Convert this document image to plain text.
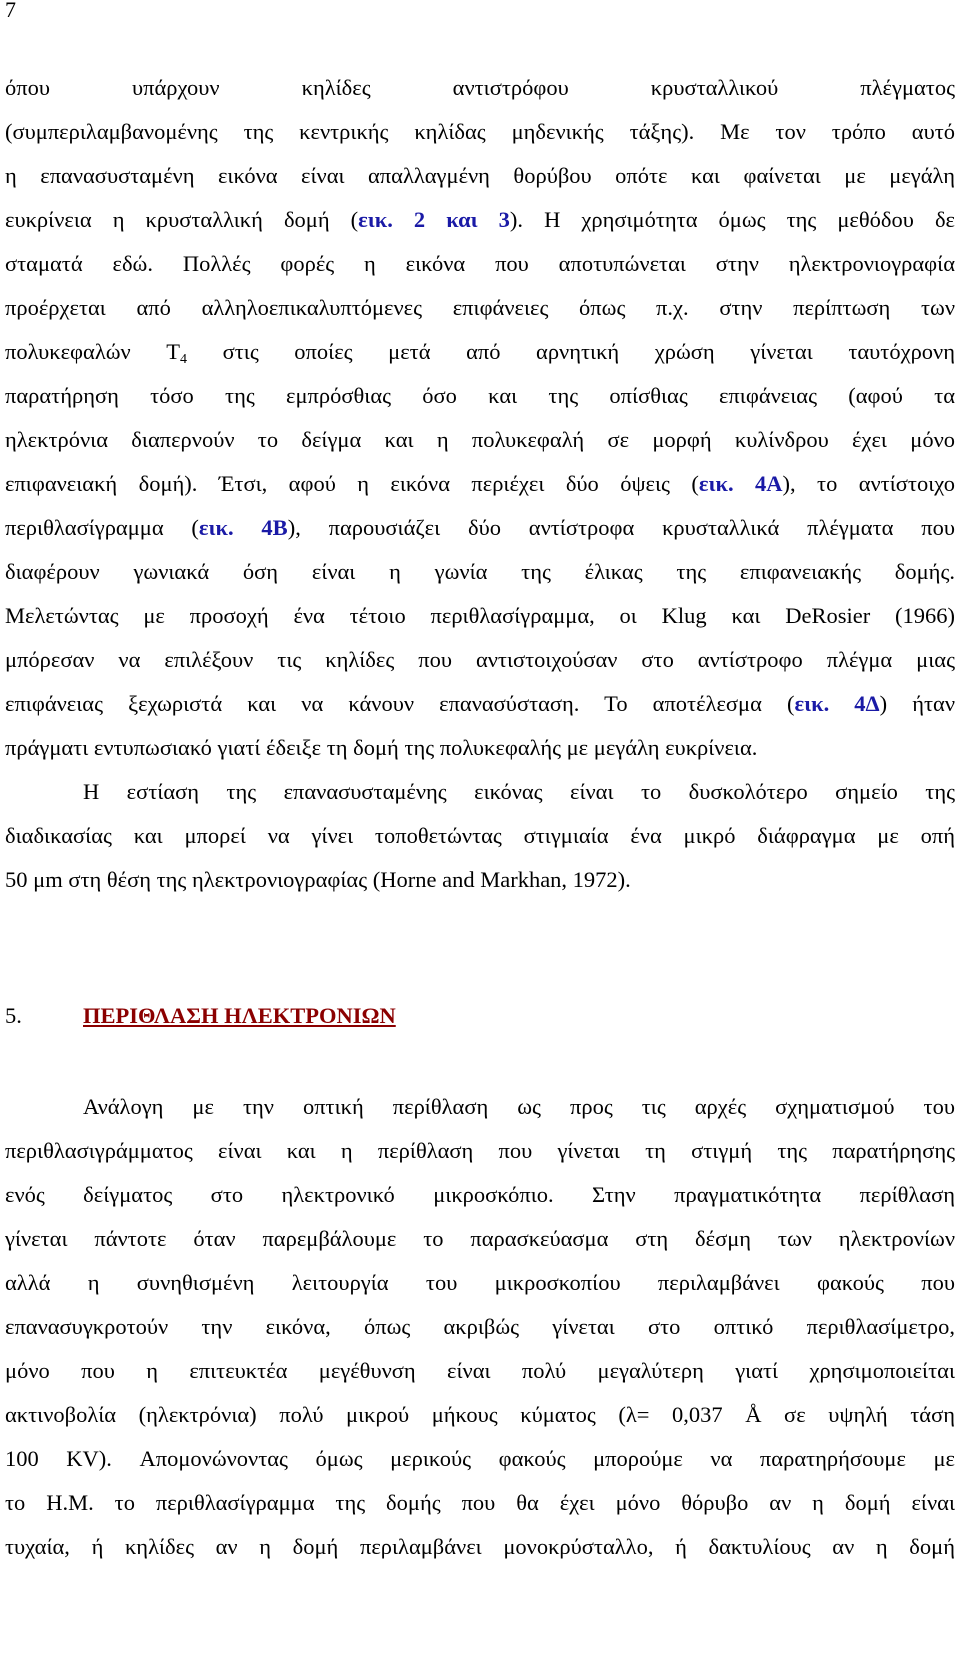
7
όπου υπάρχουν κηλίδες αντιστρόφου κρυσταλλικού πλέγματος
(συμπεριλαμβανομένης της κεντρικής κηλίδας μηδενικής τάξης). Με τον τρόπο αυτό
η επανασυσταμένη εικόνα είναι απαλλαγμένη θορύβου οπότε και φαίνεται με μεγάλη
ευκρίνεια η κρυσταλλική δομή (εικ. 2 και 3). Η χρησιμότητα όμως της μεθόδου δε
σταματά εδώ. Πολλές φορές η εικόνα που αποτυπώνεται στην ηλεκτρονιογραφία
προέρχεται από αλληλοεπικαλυπτόμενες επιφάνειες όπως π.χ. στην περίπτωση των
πολυκεφαλών $T_4$ στις οποίες μετά από αρνητική χρώση γίνεται ταυτόχρονη
παρατήρηση τόσο της εμπρόσθιας όσο και της οπίσθιας επιφάνειας (αφού τα
ηλεκτρόνια διαπερνούν το δείγμα και η πολυκεφαλή σε μορφή κυλίνδρου έχει μόνο
επιφανειακή δομή). Έτσι, αφού η εικόνα περιέχει δύο όψεις (εικ. 4A), το αντίστοιχο
περιθλασίγραμμα (εικ. 4B), παρουσιάζει δύο αντίστροφα κρυσταλλικά πλέγματα που
διαφέρουν γωνιακά όση είναι η γωνία της έλικας της επιφανειακής δομής.
Μελετώντας με προσοχή ένα τέτοιο περιθλασίγραμμα, οι Klug και DeRosier (1966)
μπόρεσαν να επιλέξουν τις κηλίδες που αντιστοιχούσαν στο αντίστροφο πλέγμα μιας
επιφάνειας ξεχωριστά και να κάνουν επανασύσταση. Το αποτέλεσμα (εικ. 4Δ) ήταν
πράγματι εντυπωσιακό γιατί έδειξε τη δομή της πολυκεφαλής με μεγάλη ευκρίνεια.
Η εστίαση της επανασυσταμένης εικόνας είναι το δυσκολότερο σημείο της
διαδικασίας και μπορεί να γίνει τοποθετώντας στιγμιαία ένα μικρό διάφραγμα με οπή
50 μm στη θέση της ηλεκτρονιογραφίας (Horne and Markhan, 1972).
5.	ΠΕΡΙΘΛΑΣΗ ΗΛΕΚΤΡΟΝΙΩΝ
Ανάλογη με την οπτική περίθλαση ως προς τις αρχές σχηματισμού του
περιθλασιγράμματος είναι και η περίθλαση που γίνεται τη στιγμή της παρατήρησης
ενός δείγματος στο ηλεκτρονικό μικροσκόπιο. Στην πραγματικότητα περίθλαση
γίνεται πάντοτε όταν παρεμβάλουμε το παρασκεύασμα στη δέσμη των ηλεκτρονίων
αλλά η συνηθισμένη λειτουργία του μικροσκοπίου περιλαμβάνει φακούς που
επανασυγκροτούν την εικόνα, όπως ακριβώς γίνεται στο οπτικό περιθλασίμετρο,
μόνο που η επιτευκτέα μεγέθυνση είναι πολύ μεγαλύτερη γιατί χρησιμοποιείται
ακτινοβολία (ηλεκτρόνια) πολύ μικρού μήκους κύματος (λ= 0,037 Å σε υψηλή τάση
100 KV). Απομονώνοντας όμως μερικούς φακούς μπορούμε να παρατηρήσουμε με
το Η.Μ. το περιθλασίγραμμα της δομής που θα έχει μόνο θόρυβο αν η δομή είναι
τυχαία, ή κηλίδες αν η δομή περιλαμβάνει μονοκρύσταλλο, ή δακτυλίους αν η δομή
